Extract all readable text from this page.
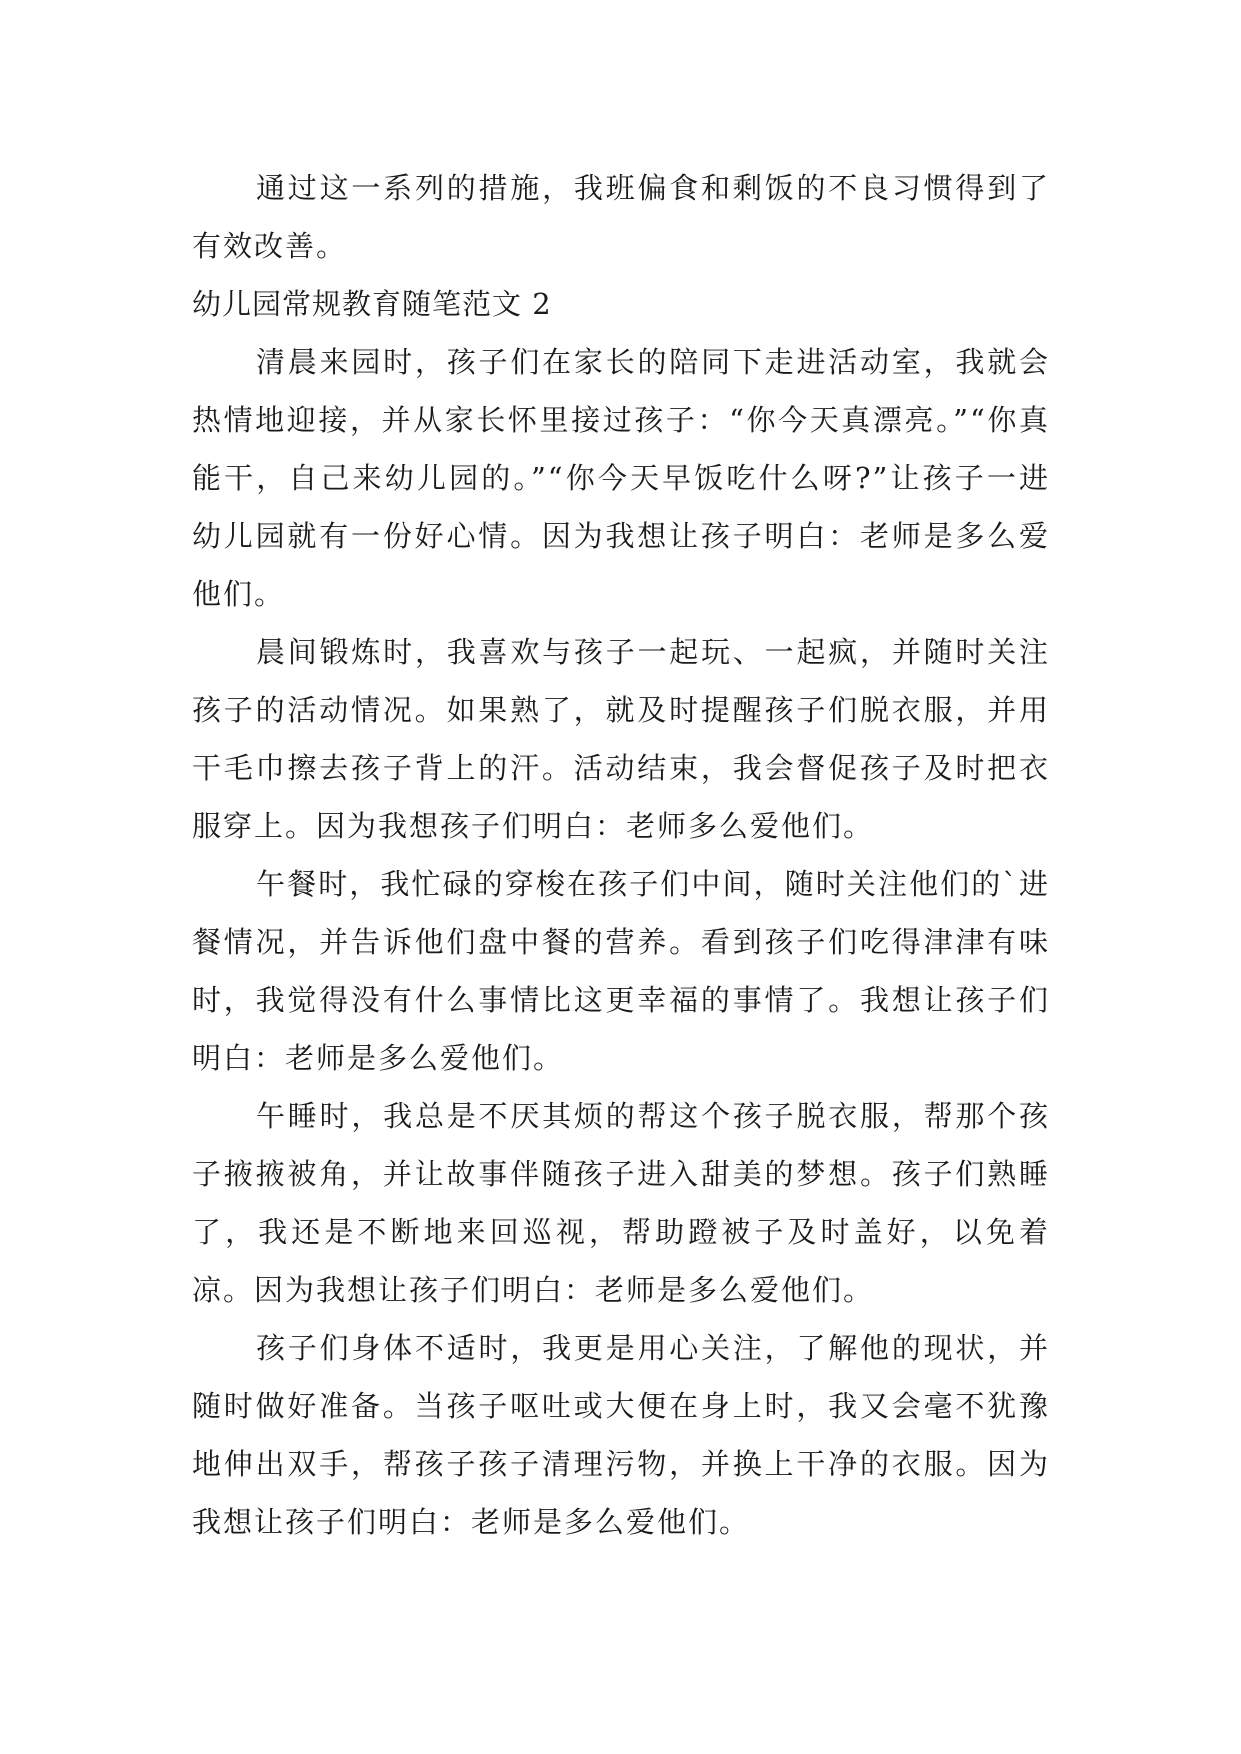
通过这一系列的措施，我班偏食和剩饭的不良习惯得到了有效改善。

幼儿园常规教育随笔范文 2

清晨来园时，孩子们在家长的陪同下走进活动室，我就会热情地迎接，并从家长怀里接过孩子：“你今天真漂亮。”“你真能干，自己来幼儿园的。”“你今天早饭吃什么呀?”让孩子一进幼儿园就有一份好心情。因为我想让孩子明白：老师是多么爱他们。

晨间锻炼时，我喜欢与孩子一起玩、一起疯，并随时关注孩子的活动情况。如果熟了，就及时提醒孩子们脱衣服，并用干毛巾擦去孩子背上的汗。活动结束，我会督促孩子及时把衣服穿上。因为我想孩子们明白：老师多么爱他们。

午餐时，我忙碌的穿梭在孩子们中间，随时关注他们的`进餐情况，并告诉他们盘中餐的营养。看到孩子们吃得津津有味时，我觉得没有什么事情比这更幸福的事情了。我想让孩子们明白：老师是多么爱他们。

午睡时，我总是不厌其烦的帮这个孩子脱衣服，帮那个孩子掖掖被角，并让故事伴随孩子进入甜美的梦想。孩子们熟睡了，我还是不断地来回巡视，帮助蹬被子及时盖好，以免着凉。因为我想让孩子们明白：老师是多么爱他们。

孩子们身体不适时，我更是用心关注，了解他的现状，并随时做好准备。当孩子呕吐或大便在身上时，我又会毫不犹豫地伸出双手，帮孩子孩子清理污物，并换上干净的衣服。因为我想让孩子们明白：老师是多么爱他们。
